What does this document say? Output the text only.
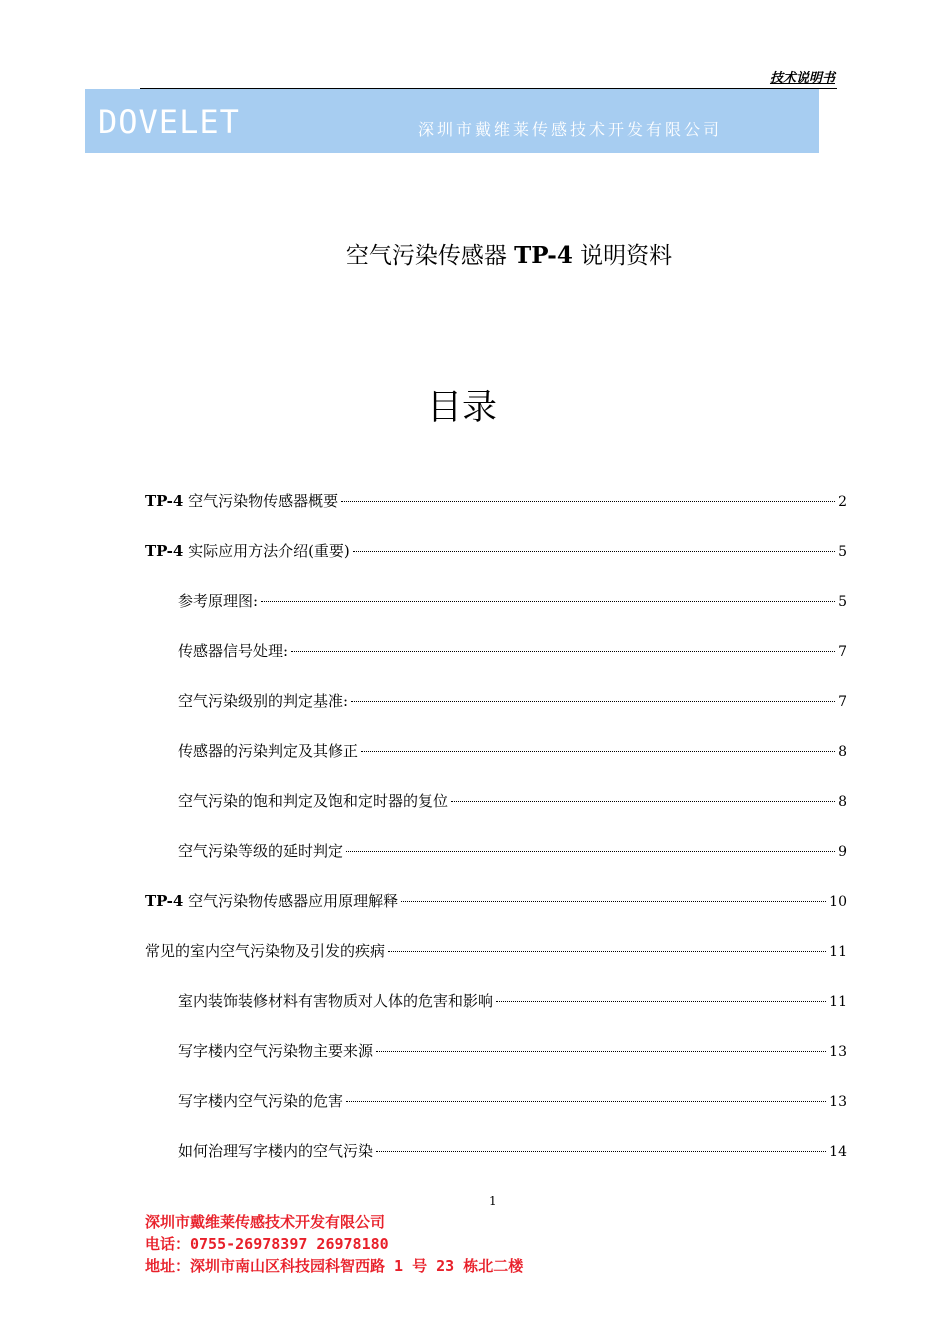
技术说明书
DOVELET	深圳市戴维莱传感技术开发有限公司
空气污染传感器 TP-4 说明资料
目录
TP-4 空气污染物传感器概要	2
TP-4 实际应用方法介绍(重要)	5
参考原理图:	5
传感器信号处理:	7
空气污染级别的判定基准:	7
传感器的污染判定及其修正	8
空气污染的饱和判定及饱和定时器的复位	8
空气污染等级的延时判定	9
TP-4 空气污染物传感器应用原理解释	10
常见的室内空气污染物及引发的疾病	11
室内装饰装修材料有害物质对人体的危害和影响	11
写字楼内空气污染物主要来源	13
写字楼内空气污染的危害	13
如何治理写字楼内的空气污染	14
1
深圳市戴维莱传感技术开发有限公司
电话：0755-26978397 26978180
地址：深圳市南山区科技园科智西路 1 号 23 栋北二楼
